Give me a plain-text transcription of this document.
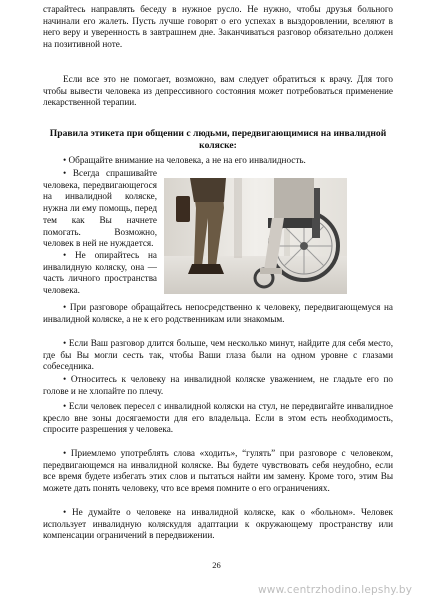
старайтесь направлять беседу в нужное русло. Не нужно, чтобы друзья больного начинали его жалеть. Пусть лучше говорят о его успехах в выздоровлении, вселяют в него веру и уверенность в завтрашнем дне. Заканчиваться разговор обязательно должен на позитивной ноте.
Если все это не помогает, возможно, вам следует обратиться к врачу. Для того чтобы вывести человека из депрессивного состояния может потребоваться применение лекарственной терапии.
Правила этикета при общении с людьми, передвигающимися на инвалидной коляске:
• Обращайте внимание на человека, а не на его инвалидность.
• Всегда спрашивайте человека, передвигающегося на инвалидной коляске, нужна ли ему помощь, перед тем как Вы начнете помогать. Возможно, человек в ней не нуждается.
• Не опирайтесь на инвалидную коляску, она — часть личного пространства человека.
• При разговоре обращайтесь непосредственно к человеку, передвигающемуся на инвалидной коляске, а не к его родственникам или знакомым.
• Если Ваш разговор длится больше, чем несколько минут, найдите для себя место, где бы Вы могли сесть так, чтобы Ваши глаза были на одном уровне с глазами собеседника.
• Относитесь к человеку на инвалидной коляске уважением, не гладьте его по голове и не хлопайте по плечу.
• Если человек пересел с инвалидной коляски на стул, не передвигайте инвалидное кресло вне зоны досягаемости для его владельца. Если в этом есть необходимость, спросите разрешения у человека.
• Приемлемо употреблять слова «ходить», “гулять” при разговоре с человеком, передвигающемся на инвалидной коляске. Вы будете чувствовать себя неудобно, если все время будете избегать этих слов и пытаться найти им замену. Кроме того, этим Вы можете дать понять человеку, что все время помните о его ограничениях.
• Не думайте о человеке на инвалидной коляске, как о «больном». Человек использует инвалидную коляскудля адаптации к окружающему пространству или компенсации ограничений в передвижении.
26
www.centrzhodino.lepshy.by
